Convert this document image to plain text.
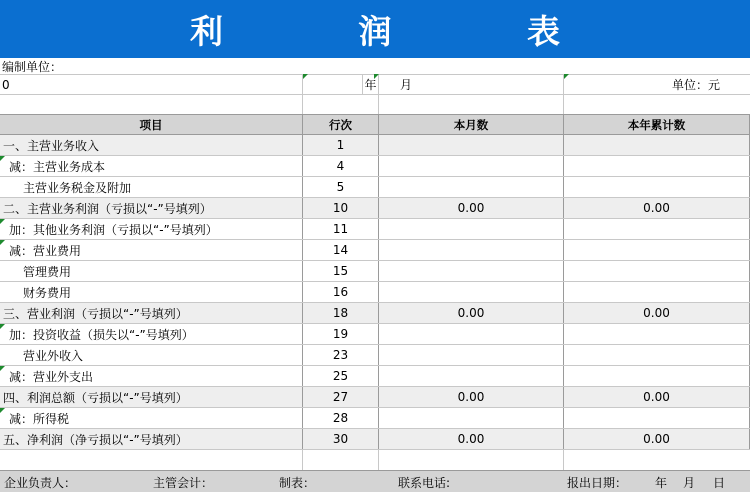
利 润 表
编制单位：
0	年	月	单位：元
项目	行次	本月数	本年累计数
一、主营业务收入	1
减：主营业务成本	4
主营业务税金及附加	5
二、主营业务利润（亏损以“-”号填列）	10	0.00	0.00
加：其他业务利润（亏损以“-”号填列）	11
减：营业费用	14
管理费用	15
财务费用	16
三、营业利润（亏损以“-”号填列）	18	0.00	0.00
加：投资收益（损失以“-”号填列）	19
营业外收入	23
减：营业外支出	25
四、利润总额（亏损以“-”号填列）	27	0.00	0.00
减：所得税	28
五、净利润（净亏损以“-”号填列）	30	0.00	0.00
企业负责人：	主管会计：	制表：	联系电话:	报出日期： 年 月 日
